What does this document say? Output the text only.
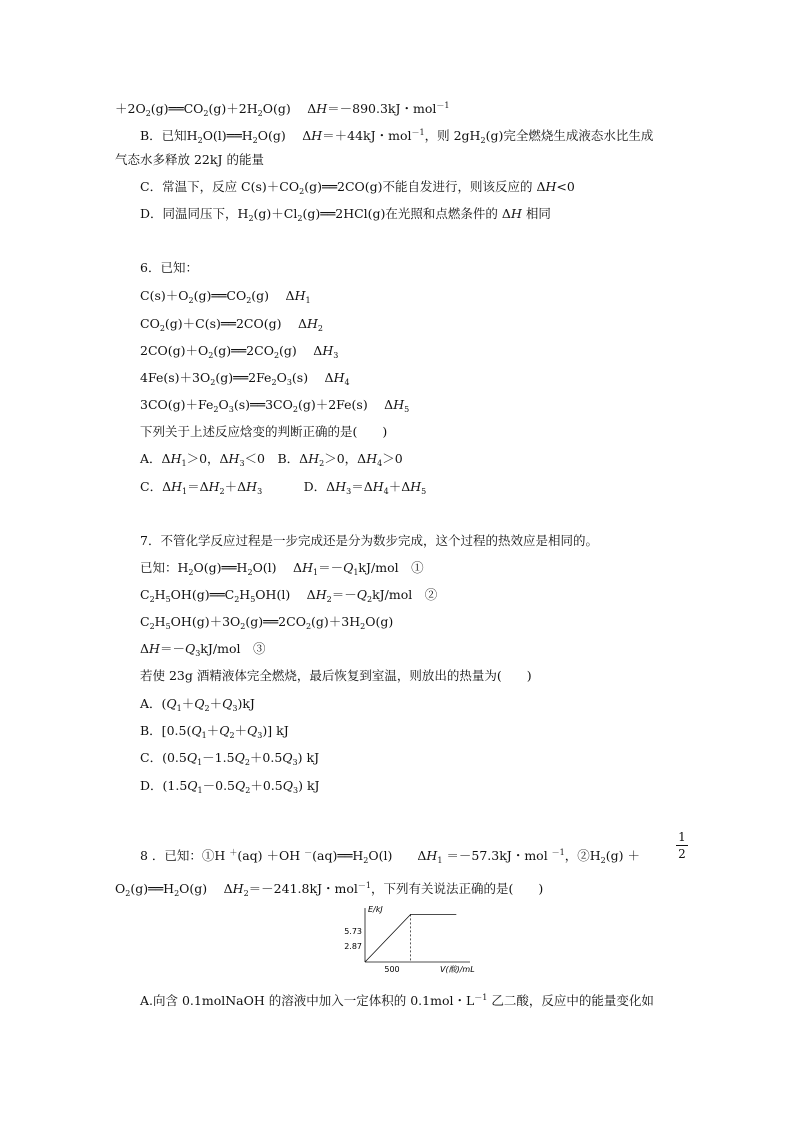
$+2O_2(g)══CO_2(g)+2H_2O(g)$　 ΔH＝－890.3kJ・mol$^{-1}$
B．已知$H_2O(l)══H_2O(g)$　 ΔH＝＋44kJ・mol$^{-1}$，则 $2gH_2(g)$完全燃烧生成液态水比生成
气态水多释放 22kJ 的能量
C．常温下，反应 $C(s)+CO_2(g)══2CO(g)$不能自发进行，则该反应的 ΔH<0
D．同温同压下，$H_2(g)+Cl_2(g)══2HCl(g)$在光照和点燃条件的 ΔH 相同
6．已知：
$C(s)+O_2(g)══CO_2(g)$　 $\Delta H_1$
$CO_2(g)+C(s)══2CO(g)$　 $\Delta H_2$
$2CO(g)+O_2(g)══2CO_2(g)$　 $\Delta H_3$
$4Fe(s)+3O_2(g)══2Fe_2O_3(s)$　 $\Delta H_4$
$3CO(g)+Fe_2O_3(s)══3CO_2(g)+2Fe(s)$　 $\Delta H_5$
下列关于上述反应焓变的判断正确的是(　　)
A．$\Delta H_1>0$，$\Delta H_3<0$　B．$\Delta H_2>0$，$\Delta H_4>0$
C．$\Delta H_1=\Delta H_2+\Delta H_3$　　　 D．$\Delta H_3=\Delta H_4+\Delta H_5$
7．不管化学反应过程是一步完成还是分为数步完成，这个过程的热效应是相同的。
已知：$H_2O(g)══H_2O(l)$　 $\Delta H_1=-Q_1kJ$/mol　①
$C_2H_5OH(g)══C_2H_5OH(l)$　 $\Delta H_2=-Q_2kJ$/mol　②
$C_2H_5OH(g)+3O_2(g)══2CO_2(g)+3H_2O(g)$
$\Delta H=-Q_3kJ$/mol　③
若使 23g 酒精液体完全燃烧，最后恢复到室温，则放出的热量为(　　)
A．$(Q_1+Q_2+Q_3)kJ$
B．$[0.5(Q_1+Q_2+Q_3)]$ kJ
C．$(0.5Q_1-1.5Q_2+0.5Q_3)$ kJ
D．$(1.5Q_1-0.5Q_2+0.5Q_3)$ kJ
8 ．已知：①H ＋(aq) ＋OH $^-(aq)══H_2O(l)$　　$\Delta H_1 =-57.3kJ$・mol $^{-1}$，$②H_2(g)$ ＋
$O_2(g)══H_2O(g)$　 $\Delta H_2=-241.8kJ$・mol$^{-1}$，下列有关说法正确的是(　　)
A.向含 0.1molNaOH 的溶液中加入一定体积的 0.1mol・$L^{-1}$ 乙二酸，反应中的能量变化如
1
2
E/kJ
5.73
2.87
500	V(酸)/mL
